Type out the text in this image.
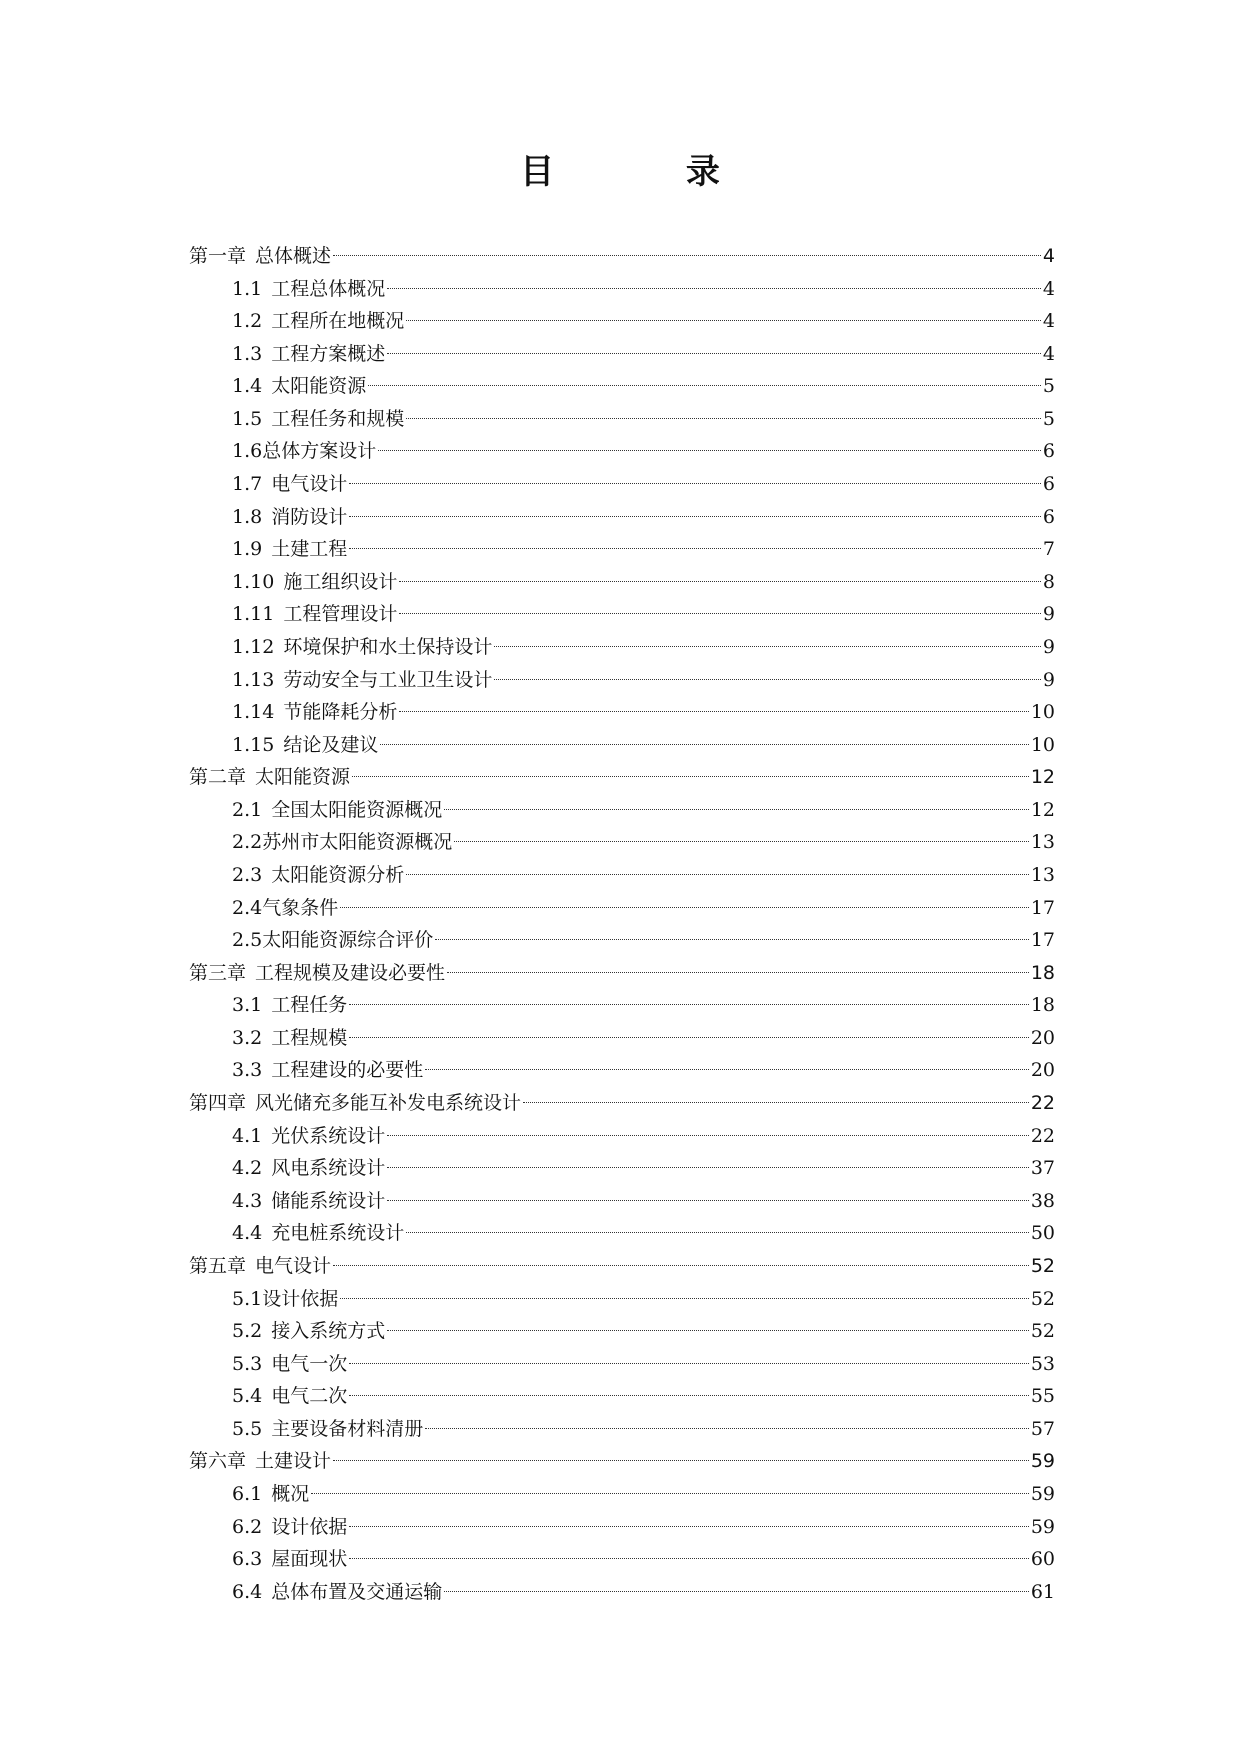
目 录
第一章 总体概述	4
1.1 工程总体概况	4
1.2 工程所在地概况	4
1.3 工程方案概述	4
1.4 太阳能资源	5
1.5 工程任务和规模	5
1.6总体方案设计	6
1.7 电气设计	6
1.8 消防设计	6
1.9 土建工程	7
1.10 施工组织设计	8
1.11 工程管理设计	9
1.12 环境保护和水土保持设计	9
1.13 劳动安全与工业卫生设计	9
1.14 节能降耗分析	10
1.15 结论及建议	10
第二章 太阳能资源	12
2.1 全国太阳能资源概况	12
2.2苏州市太阳能资源概况	13
2.3 太阳能资源分析	13
2.4气象条件	17
2.5太阳能资源综合评价	17
第三章 工程规模及建设必要性	18
3.1 工程任务	18
3.2 工程规模	20
3.3 工程建设的必要性	20
第四章 风光储充多能互补发电系统设计	22
4.1 光伏系统设计	22
4.2 风电系统设计	37
4.3 储能系统设计	38
4.4 充电桩系统设计	50
第五章 电气设计	52
5.1设计依据	52
5.2 接入系统方式	52
5.3 电气一次	53
5.4 电气二次	55
5.5 主要设备材料清册	57
第六章 土建设计	59
6.1 概况	59
6.2 设计依据	59
6.3 屋面现状	60
6.4 总体布置及交通运输	61
